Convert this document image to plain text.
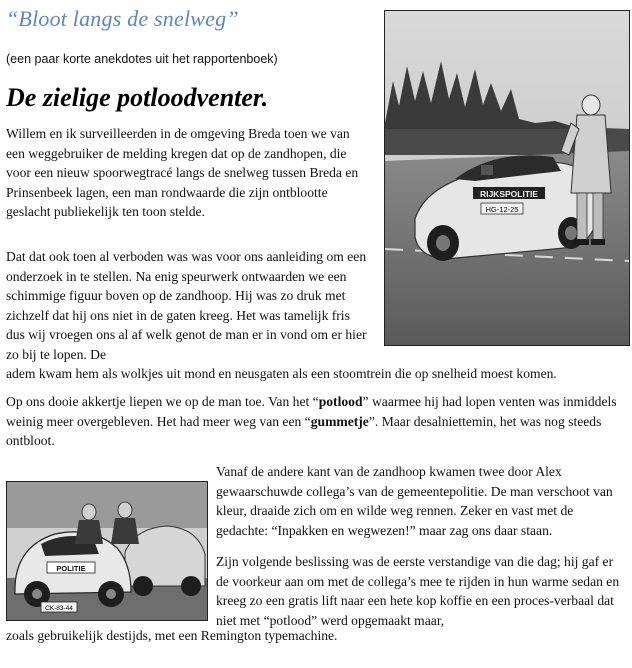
“Bloot langs de snelweg”
(een paar korte anekdotes uit het rapportenboek)
De zielige potloodventer.
RIJKSPOLITIE
HG-12-25

Willem en ik surveilleerden in de omgeving Breda toen we van een weggebruiker de melding kregen dat op de zandhopen, die voor een nieuw spoorwegtracé langs de snelweg tussen Breda en Prinsenbeek lagen, een man rondwaarde die zijn ontblootte geslacht publiekelijk ten toon stelde.

Dat dat ook toen al verboden was was voor ons aanleiding om een onderzoek in te stellen. Na enig speurwerk ontwaarden we een schimmige figuur boven op de zandhoop. Hij was zo druk met zichzelf dat hij ons niet in de gaten kreeg. Het was tamelijk fris dus wij vroegen ons al af welk genot de man er in vond om er hier zo bij te lopen. De

adem kwam hem als wolkjes uit mond en neusgaten als een stoomtrein die op snelheid moest komen.

Op ons dooie akkertje liepen we op de man toe. Van het “potlood” waarmee hij had lopen venten was inmiddels weinig meer overgebleven. Het had meer weg van een “gummetje”. Maar desalniettemin, het was nog steeds ontbloot.

POLITIE
CK-83-44

Vanaf de andere kant van de zandhoop kwamen twee door Alex gewaarschuwde collega’s van de gemeentepolitie. De man verschoot van kleur, draaide zich om en wilde weg rennen. Zeker en vast met de gedachte: “Inpakken en wegwezen!” maar zag ons daar staan.

Zijn volgende beslissing was de eerste verstandige van die dag; hij gaf er de voorkeur aan om met de collega’s mee te rijden in hun warme sedan en kreeg zo een gratis lift naar een hete kop koffie en een proces-verbaal dat niet met “potlood” werd opgemaakt maar,

zoals gebruikelijk destijds, met een Remington typemachine.
